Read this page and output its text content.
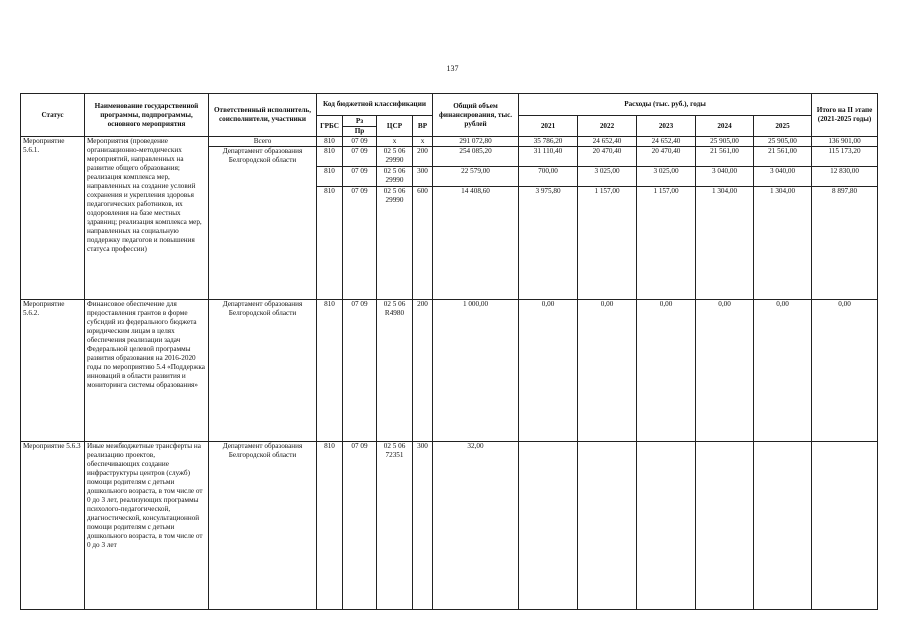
137
Статус	Наименование государственной программы, подпрограммы, основного мероприятия	Ответственный исполнитель, соисполнители, участники	Код бюджетной классификации				Общий объем финансирования, тыс. рублей	Расходы (тыс. руб.), годы					Итого на II этапе (2021-2025 годы)
			ГРБС	Рз	ЦСР	ВР		2021	2022	2023	2024	2025	
				Пр									
Мероприятие 5.6.1.	Мероприятия (проведение организационно-методических мероприятий, направленных на развитие общего образования; реализация комплекса мер, направленных на создание условий сохранения и укрепления здоровья педагогических работников, их оздоровления на базе местных здравниц; реализация комплекса мер, направленных на социальную поддержку педагогов и повышения статуса профессии)	Всего	810	07 09	x	x	291 072,80	35 786,20	24 652,40	24 652,40	25 905,00	25 905,00	136 901,00
		Департамент образования Белгородской области	810	07 09	02 5 06 29990	200	254 085,20	31 110,40	20 470,40	20 470,40	21 561,00	21 561,00	115 173,20
			810	07 09	02 5 06 29990	300	22 579,00	700,00	3 025,00	3 025,00	3 040,00	3 040,00	12 830,00
			810	07 09	02 5 06 29990	600	14 408,60	3 975,80	1 157,00	1 157,00	1 304,00	1 304,00	8 897,80

Мероприятие 5.6.2.	Финансовое обеспечение для предоставления грантов в форме субсидий из федерального бюджета юридическим лицам в целях обеспечения реализации задач Федеральной целевой программы развития образования на 2016-2020 годы по мероприятию 5.4 «Поддержка инноваций в области развития и мониторинга системы образования»	Департамент образования Белгородской области	810	07 09	02 5 06 R4980	200	1 000,00	0,00	0,00	0,00	0,00	0,00	0,00
Мероприятие 5.6.3	Иные межбюджетные трансферты на реализацию проектов, обеспечивающих создание инфраструктуры центров (служб) помощи родителям с детьми дошкольного возраста, в том числе от 0 до 3 лет, реализующих программы психолого-педагогической, диагностической, консультационной помощи родителям с детьми дошкольного возраста, в том числе от 0 до 3 лет	Департамент образования Белгородской области	810	07 09	02 5 06 72351	300	32,00						
